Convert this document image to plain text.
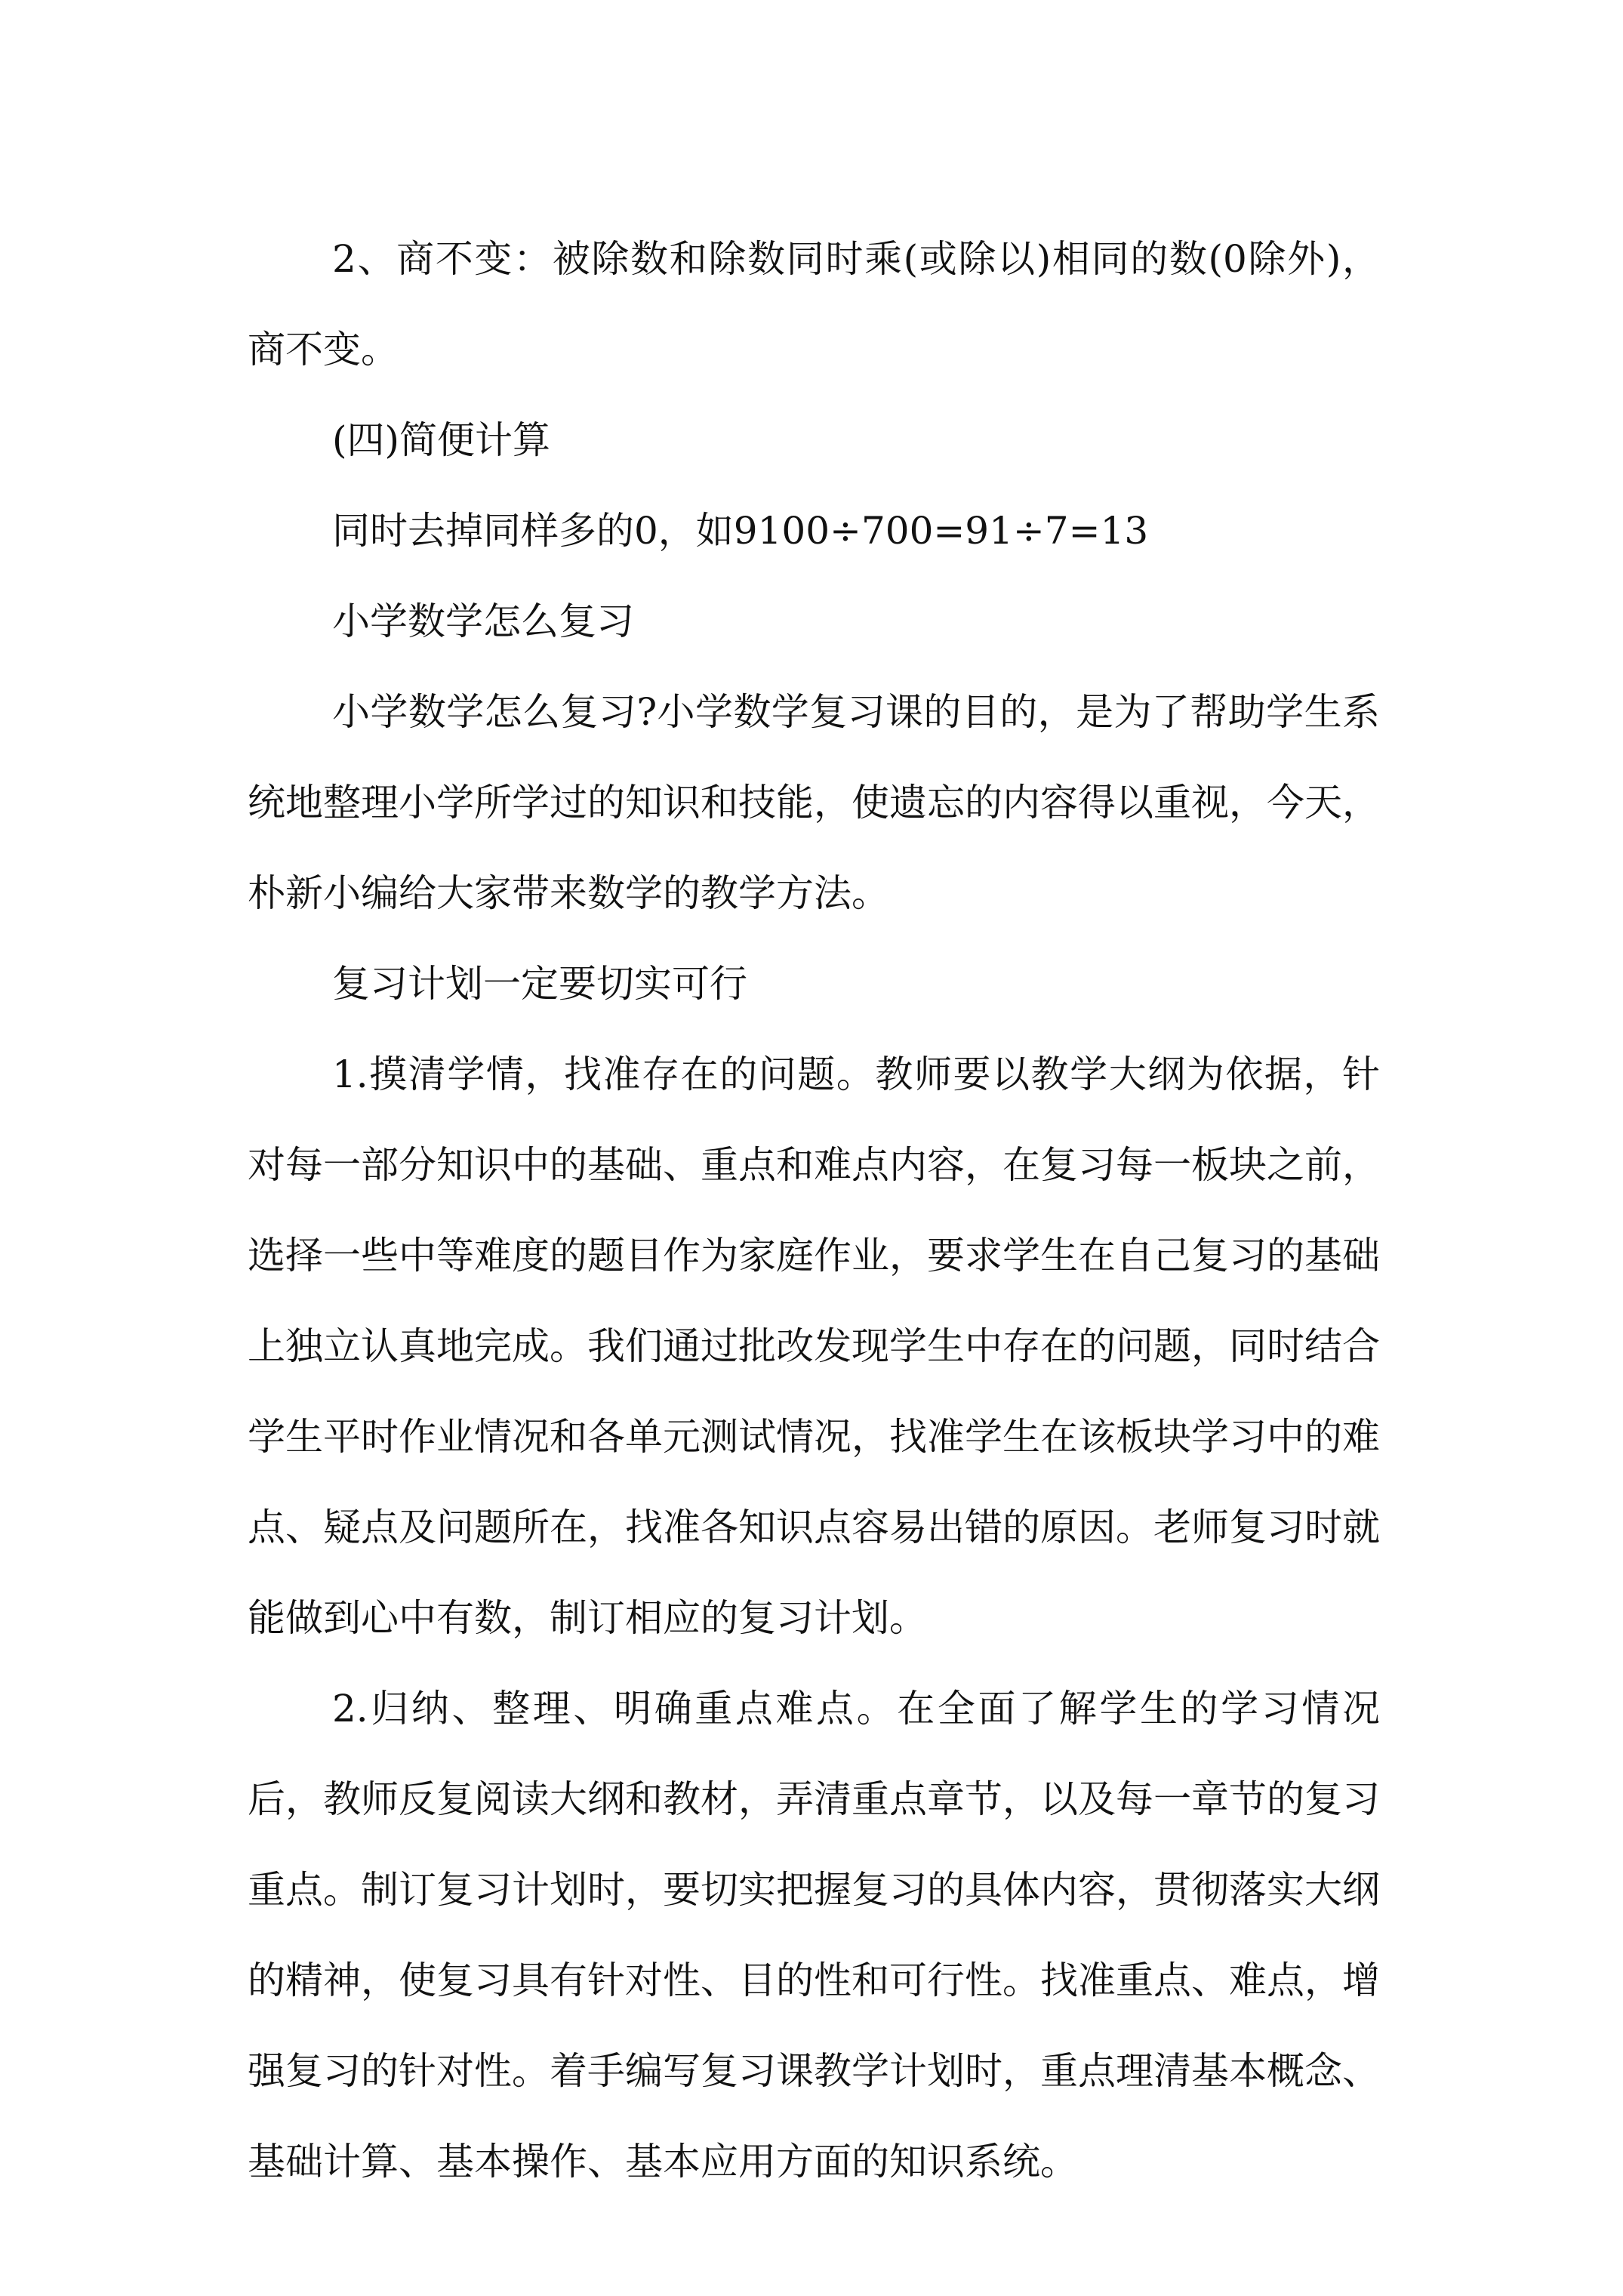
2、商不变：被除数和除数同时乘(或除以)相同的数(0除外)，商不变。

(四)简便计算

同时去掉同样多的0，如9100÷700=91÷7=13

小学数学怎么复习

小学数学怎么复习?小学数学复习课的目的，是为了帮助学生系统地整理小学所学过的知识和技能，使遗忘的内容得以重视，今天，朴新小编给大家带来数学的教学方法。

复习计划一定要切实可行

1.摸清学情，找准存在的问题。教师要以教学大纲为依据，针对每一部分知识中的基础、重点和难点内容，在复习每一板块之前，选择一些中等难度的题目作为家庭作业，要求学生在自己复习的基础上独立认真地完成。我们通过批改发现学生中存在的问题，同时结合学生平时作业情况和各单元测试情况，找准学生在该板块学习中的难点、疑点及问题所在，找准各知识点容易出错的原因。老师复习时就能做到心中有数，制订相应的复习计划。

2.归纳、整理、明确重点难点。在全面了解学生的学习情况后，教师反复阅读大纲和教材，弄清重点章节，以及每一章节的复习重点。制订复习计划时，要切实把握复习的具体内容，贯彻落实大纲的精神，使复习具有针对性、目的性和可行性。找准重点、难点，增强复习的针对性。着手编写复习课教学计划时，重点理清基本概念、基础计算、基本操作、基本应用方面的知识系统。
